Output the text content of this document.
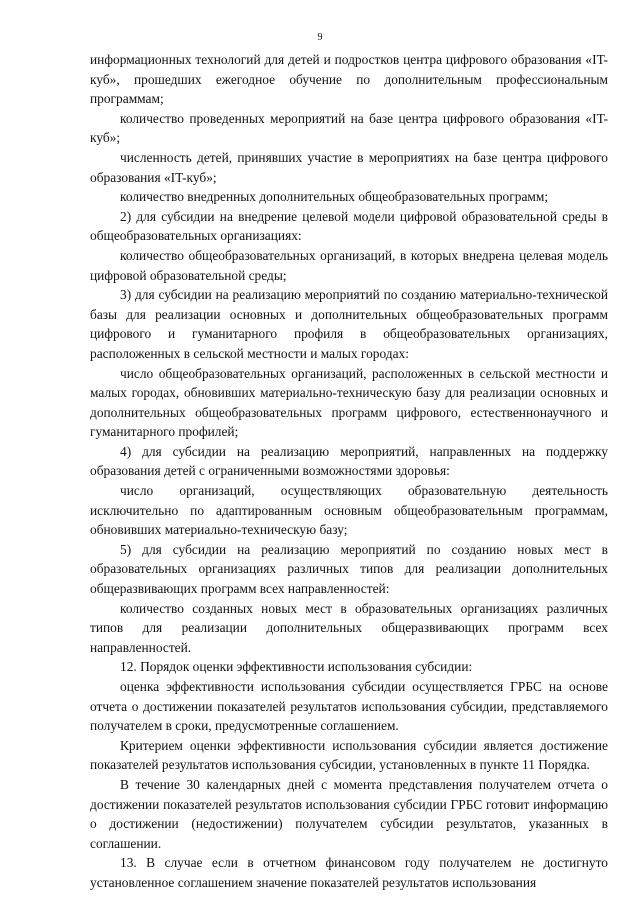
9

информационных технологий для детей и подростков центра цифрового образования «IT-куб», прошедших ежегодное обучение по дополнительным профессиональным программам;

количество проведенных мероприятий на базе центра цифрового образования «IT-куб»;

численность детей, принявших участие в мероприятиях на базе центра цифрового образования «IT-куб»;

количество внедренных дополнительных общеобразовательных программ;

2) для субсидии на внедрение целевой модели цифровой образовательной среды в общеобразовательных организациях:

количество общеобразовательных организаций, в которых внедрена целевая модель цифровой образовательной среды;

3) для субсидии на реализацию мероприятий по созданию материально-технической базы для реализации основных и дополнительных общеобразовательных программ цифрового и гуманитарного профиля в общеобразовательных организациях, расположенных в сельской местности и малых городах:

число общеобразовательных организаций, расположенных в сельской местности и малых городах, обновивших материально-техническую базу для реализации основных и дополнительных общеобразовательных программ цифрового, естественнонаучного и гуманитарного профилей;

4) для субсидии на реализацию мероприятий, направленных на поддержку образования детей с ограниченными возможностями здоровья:

число организаций, осуществляющих образовательную деятельность исключительно по адаптированным основным общеобразовательным программам, обновивших материально-техническую базу;

5) для субсидии на реализацию мероприятий по созданию новых мест в образовательных организациях различных типов для реализации дополнительных общеразвивающих программ всех направленностей:

количество созданных новых мест в образовательных организациях различных типов для реализации дополнительных общеразвивающих программ всех направленностей.

12. Порядок оценки эффективности использования субсидии:

оценка эффективности использования субсидии осуществляется ГРБС на основе отчета о достижении показателей результатов использования субсидии, представляемого получателем в сроки, предусмотренные соглашением.

Критерием оценки эффективности использования субсидии является достижение показателей результатов использования субсидии, установленных в пункте 11 Порядка.

В течение 30 календарных дней с момента представления получателем отчета о достижении показателей результатов использования субсидии ГРБС готовит информацию о достижении (недостижении) получателем субсидии результатов, указанных в соглашении.

13. В случае если в отчетном финансовом году получателем не достигнуто установленное соглашением значение показателей результатов использования
